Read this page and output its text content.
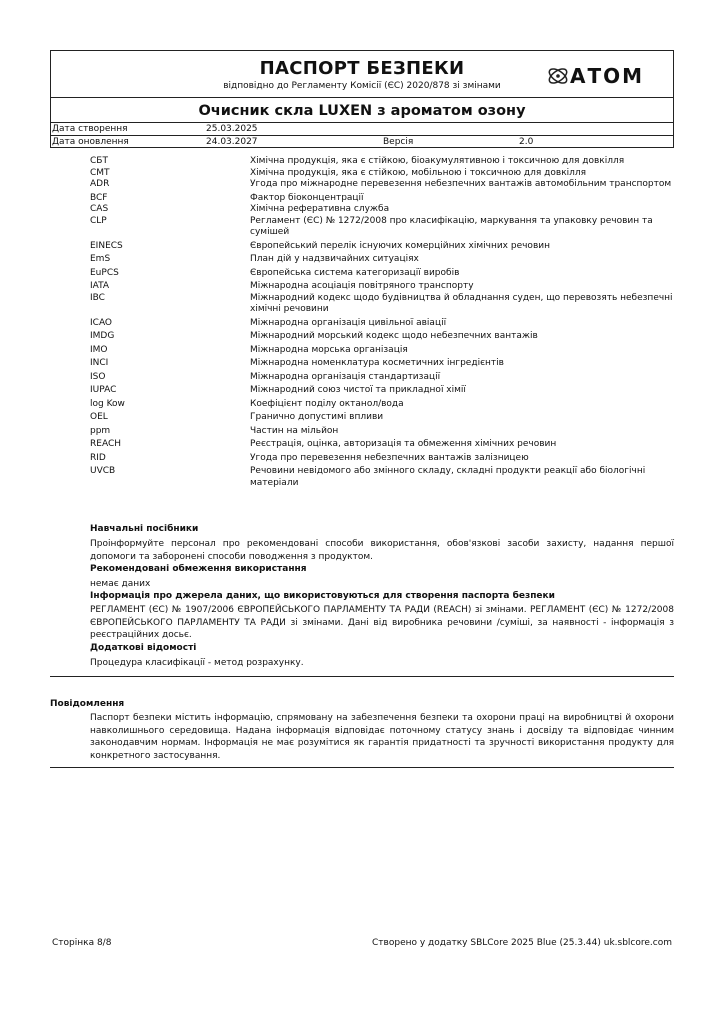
ПАСПОРТ БЕЗПЕКИ
відповідно до Регламенту Комісії (ЄС) 2020/878 зі змінами	АТОМ
Очисник скла LUXEN з ароматом озону
Дата створення	25.03.2025
Дата оновлення	24.03.2027	Версія	2.0
СБТ	Хімічна продукція, яка є стійкою, біоакумулятивною і токсичною для довкілля
СМТ	Хімічна продукція, яка є стійкою, мобільною і токсичною для довкілля
ADR	Угода про міжнародне перевезення небезпечних вантажів автомобільним транспортом
BCF	Фактор біоконцентрації
CAS	Хімічна реферативна служба
CLP	Регламент (ЄС) № 1272/2008 про класифікацію, маркування та упаковку речовин та сумішей
EINECS	Європейський перелік існуючих комерційних хімічних речовин
EmS	План дій у надзвичайних ситуаціях
EuPCS	Європейська система категоризації виробів
IATA	Міжнародна асоціація повітряного транспорту
IBC	Міжнародний кодекс щодо будівництва й обладнання суден, що перевозять небезпечні хімічні речовини
ICAO	Міжнародна організація цивільної авіації
IMDG	Міжнародний морський кодекс щодо небезпечних вантажів
IMO	Міжнародна морська організація
INCI	Міжнародна номенклатура косметичних інгредієнтів
ISO	Міжнародна організація стандартизації
IUPAC	Міжнародний союз чистої та прикладної хімії
log Kow	Коефіцієнт поділу октанол/вода
OEL	Гранично допустимі впливи
ppm	Частин на мільйон
REACH	Реєстрація, оцінка, авторизація та обмеження хімічних речовин
RID	Угода про перевезення небезпечних вантажів залізницею
UVCB	Речовини невідомого або змінного складу, складні продукти реакції або біологічні матеріали
Навчальні посібники
Проінформуйте персонал про рекомендовані способи використання, обов'язкові засоби захисту, надання першої допомоги та заборонені способи поводження з продуктом.
Рекомендовані обмеження використання
немає даних
Інформація про джерела даних, що використовуються для створення паспорта безпеки
РЕГЛАМЕНТ (ЄС) № 1907/2006 ЄВРОПЕЙСЬКОГО ПАРЛАМЕНТУ ТА РАДИ (REACH) зі змінами. РЕГЛАМЕНТ (ЄС) № 1272/2008 ЄВРОПЕЙСЬКОГО ПАРЛАМЕНТУ ТА РАДИ зі змінами. Дані від виробника речовини /суміші, за наявності - інформація з реєстраційних досьє.
Додаткові відомості
Процедура класифікації - метод розрахунку.
Повідомлення
Паспорт безпеки містить інформацію, спрямовану на забезпечення безпеки та охорони праці на виробництві й охорони навколишнього середовища. Надана інформація відповідає поточному статусу знань і досвіду та відповідає чинним законодавчим нормам. Інформація не має розумітися як гарантія придатності та зручності використання продукту для конкретного застосування.
Сторінка 8/8	Створено у додатку SBLCore 2025 Blue (25.3.44) uk.sblcore.com
